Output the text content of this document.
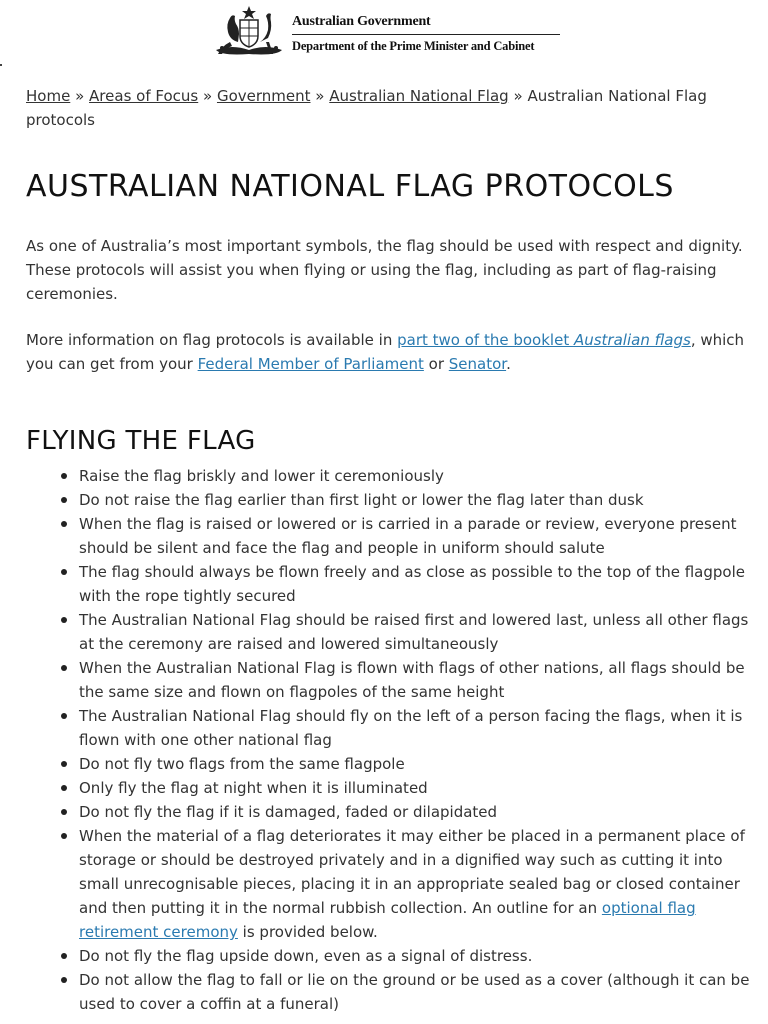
Australian Government
Department of the Prime Minister and Cabinet

Home » Areas of Focus » Government » Australian National Flag » Australian National Flag protocols

AUSTRALIAN NATIONAL FLAG PROTOCOLS

As one of Australia’s most important symbols, the flag should be used with respect and dignity. These protocols will assist you when flying or using the flag, including as part of flag-raising ceremonies.

More information on flag protocols is available in part two of the booklet Australian flags, which you can get from your Federal Member of Parliament or Senator.

FLYING THE FLAG
Raise the flag briskly and lower it ceremoniously
Do not raise the flag earlier than first light or lower the flag later than dusk
When the flag is raised or lowered or is carried in a parade or review, everyone present should be silent and face the flag and people in uniform should salute
The flag should always be flown freely and as close as possible to the top of the flagpole with the rope tightly secured
The Australian National Flag should be raised first and lowered last, unless all other flags at the ceremony are raised and lowered simultaneously
When the Australian National Flag is flown with flags of other nations, all flags should be the same size and flown on flagpoles of the same height
The Australian National Flag should fly on the left of a person facing the flags, when it is flown with one other national flag
Do not fly two flags from the same flagpole
Only fly the flag at night when it is illuminated
Do not fly the flag if it is damaged, faded or dilapidated
When the material of a flag deteriorates it may either be placed in a permanent place of storage or should be destroyed privately and in a dignified way such as cutting it into small unrecognisable pieces, placing it in an appropriate sealed bag or closed container and then putting it in the normal rubbish collection. An outline for an optional flag retirement ceremony is provided below.
Do not fly the flag upside down, even as a signal of distress.
Do not allow the flag to fall or lie on the ground or be used as a cover (although it can be used to cover a coffin at a funeral)
